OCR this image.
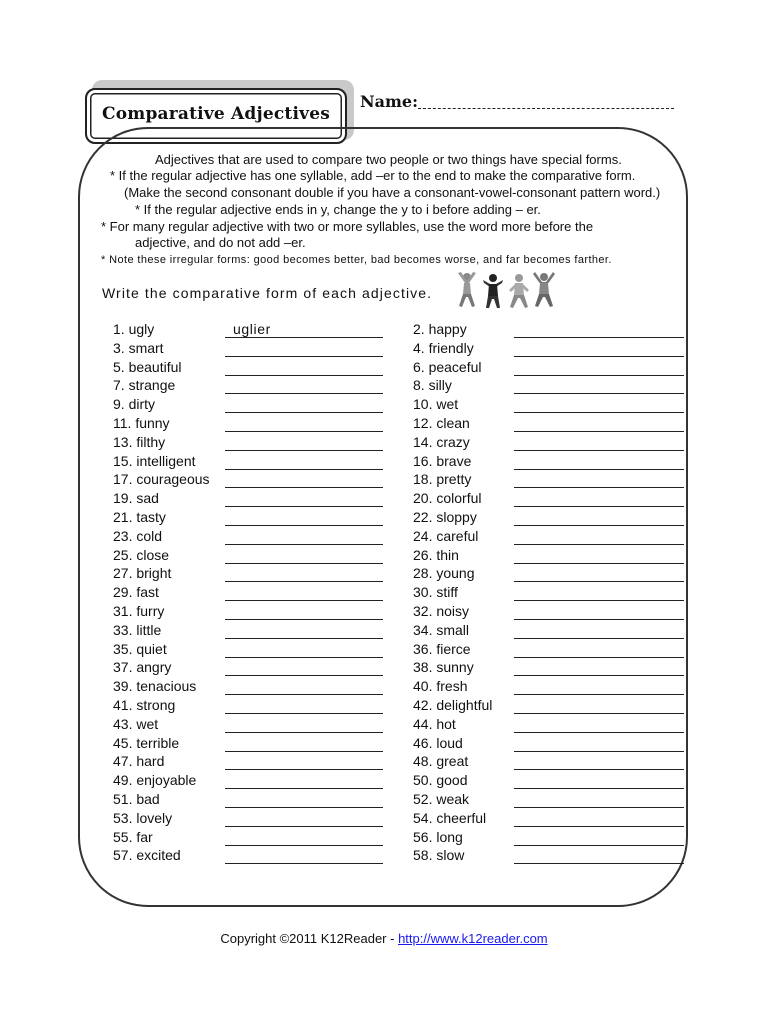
Comparative Adjectives
Name:
Adjectives that are used to compare two people or two things have special forms.
* If the regular adjective has one syllable, add –er to the end to make the comparative form.
(Make the second consonant double if you have a consonant-vowel-consonant pattern word.)
* If the regular adjective ends in y, change the y to i before adding – er.
* For many regular adjective with two or more syllables, use the word more before the
adjective, and do not add –er.
* Note these irregular forms: good becomes better, bad becomes worse, and far becomes farther.
Write the comparative form of each adjective.
1. ugly	uglier
3. smart
5. beautiful
7. strange
9. dirty
11. funny
13. filthy
15. intelligent
17. courageous
19. sad
21. tasty
23. cold
25. close
27. bright
29. fast
31. furry
33. little
35. quiet
37. angry
39. tenacious
41. strong
43. wet
45. terrible
47. hard
49. enjoyable
51. bad
53. lovely
55. far
57. excited
2. happy
4. friendly
6. peaceful
8. silly
10. wet
12. clean
14. crazy
16. brave
18. pretty
20. colorful
22. sloppy
24. careful
26. thin
28. young
30. stiff
32. noisy
34. small
36. fierce
38. sunny
40. fresh
42. delightful
44. hot
46. loud
48. great
50. good
52. weak
54. cheerful
56. long
58. slow
Copyright ©2011 K12Reader - http://www.k12reader.com
